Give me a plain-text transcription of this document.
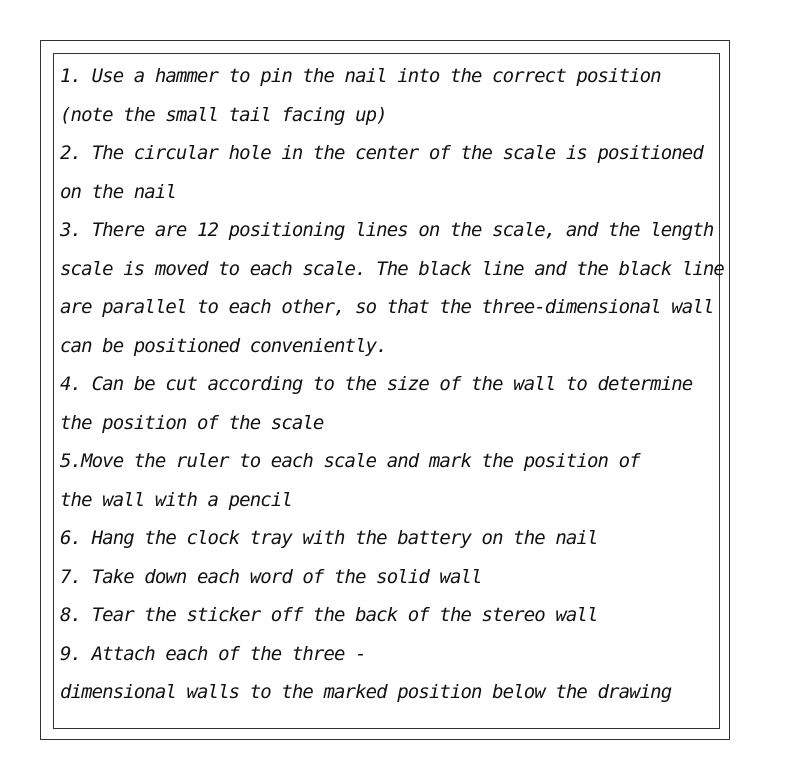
1. Use a hammer to pin the nail into the correct position

(note the small tail facing up)

2. The circular hole in the center of the scale is positioned

on the nail

3. There are 12 positioning lines on the scale, and the length

scale is moved to each scale. The black line and the black line

are parallel to each other, so that the three-dimensional wall

can be positioned conveniently.

4. Can be cut according to the size of the wall to determine

the position of the scale

5.Move the ruler to each scale and mark the position of

the wall with a pencil

6. Hang the clock tray with the battery on the nail

7. Take down each word of the solid wall

8. Tear the sticker off the back of the stereo wall

9. Attach each of the three -

dimensional walls to the marked position below the drawing
